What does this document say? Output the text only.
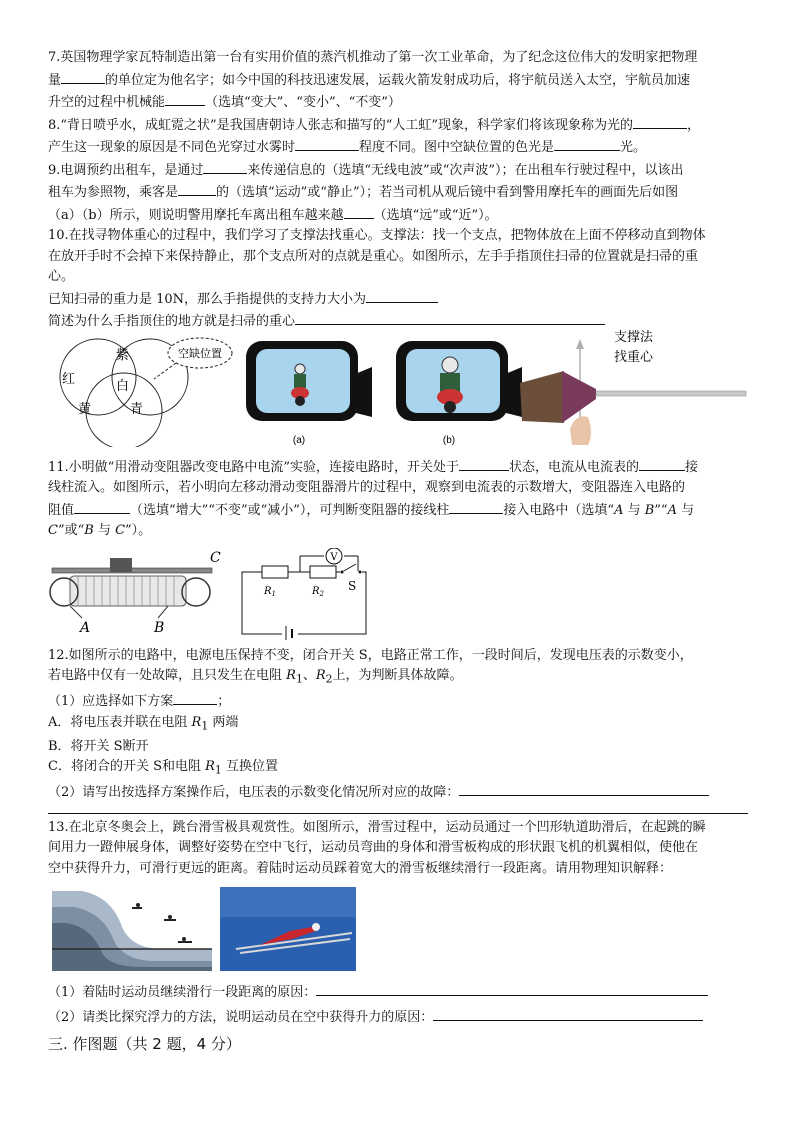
7.英国物理学家瓦特制造出第一台有实用价值的蒸汽机推动了第一次工业革命，为了纪念这位伟大的发明家把物理

量	的单位定为他名字；如今中国的科技迅速发展，运载火箭发射成功后，将宇航员送入太空，宇航员加速

升空的过程中机械能	（选填“变大”、“变小”、“不变”）

8.“背日喷乎水，成虹霓之状”是我国唐朝诗人张志和描写的“人工虹”现象，科学家们将该现象称为光的	，

产生这一现象的原因是不同色光穿过水雾时	程度不同。图中空缺位置的色光是	光。

9.电调预约出租车，是通过	来传递信息的（选填“无线电波”或“次声波”）；在出租车行驶过程中，以该出

租车为参照物，乘客是	的（选填“运动”或“静止”）；若当司机从观后镜中看到警用摩托车的画面先后如图

（a）（b）所示，则说明警用摩托车离出租车越来越 （选填“远”或“近”）。

10.在找寻物体重心的过程中，我们学习了支撑法找重心。支撑法：找一个支点，把物体放在上面不停移动直到物体

在放开手时不会掉下来保持静止，那个支点所对的点就是重心。如图所示，左手手指顶住扫帚的位置就是扫帚的重

心。

已知扫帚的重力是 10N，那么手指提供的支持力大小为

简述为什么手指顶住的地方就是扫帚的重心

红
紫
白
黄	青
空缺位置
(a)	(b)
支撑法
找重心

11.小明做“用滑动变阻器改变电路中电流”实验，连接电路时，开关处于	状态，电流从电流表的	接

线柱流入。如图所示，若小明向左移动滑动变阻器滑片的过程中，观察到电流表的示数增大，变阻器连入电路的

阻值	（选填“增大”“不变”或“减小”），可判断变阻器的接线柱	接入电路中（选填“A 与 B”“A 与

C”或“B 与 C”）。

C
A	B
V
$R_1$	$R_2$
S

12.如图所示的电路中，电源电压保持不变，闭合开关 S，电路正常工作，一段时间后，发现电压表的示数变小，

若电路中仅有一处故障，且只发生在电阻 $R_1$、$R_2$上，为判断具体故障。

（1）应选择如下方案	；

A．将电压表并联在电阻 $R_1$ 两端

B．将开关 S断开

C．将闭合的开关 S和电阻 $R_1$ 互换位置

（2）请写出按选择方案操作后，电压表的示数变化情况所对应的故障：

13.在北京冬奥会上，跳台滑雪极具观赏性。如图所示，滑雪过程中，运动员通过一个凹形轨道助滑后，在起跳的瞬

间用力一蹬伸展身体，调整好姿势在空中飞行，运动员弯曲的身体和滑雪板构成的形状跟飞机的机翼相似，使他在

空中获得升力，可滑行更远的距离。着陆时运动员踩着宽大的滑雪板继续滑行一段距离。请用物理知识解释：

（1）着陆时运动员继续滑行一段距离的原因：

（2）请类比探究浮力的方法，说明运动员在空中获得升力的原因：

三. 作图题（共 2 题，4 分）
